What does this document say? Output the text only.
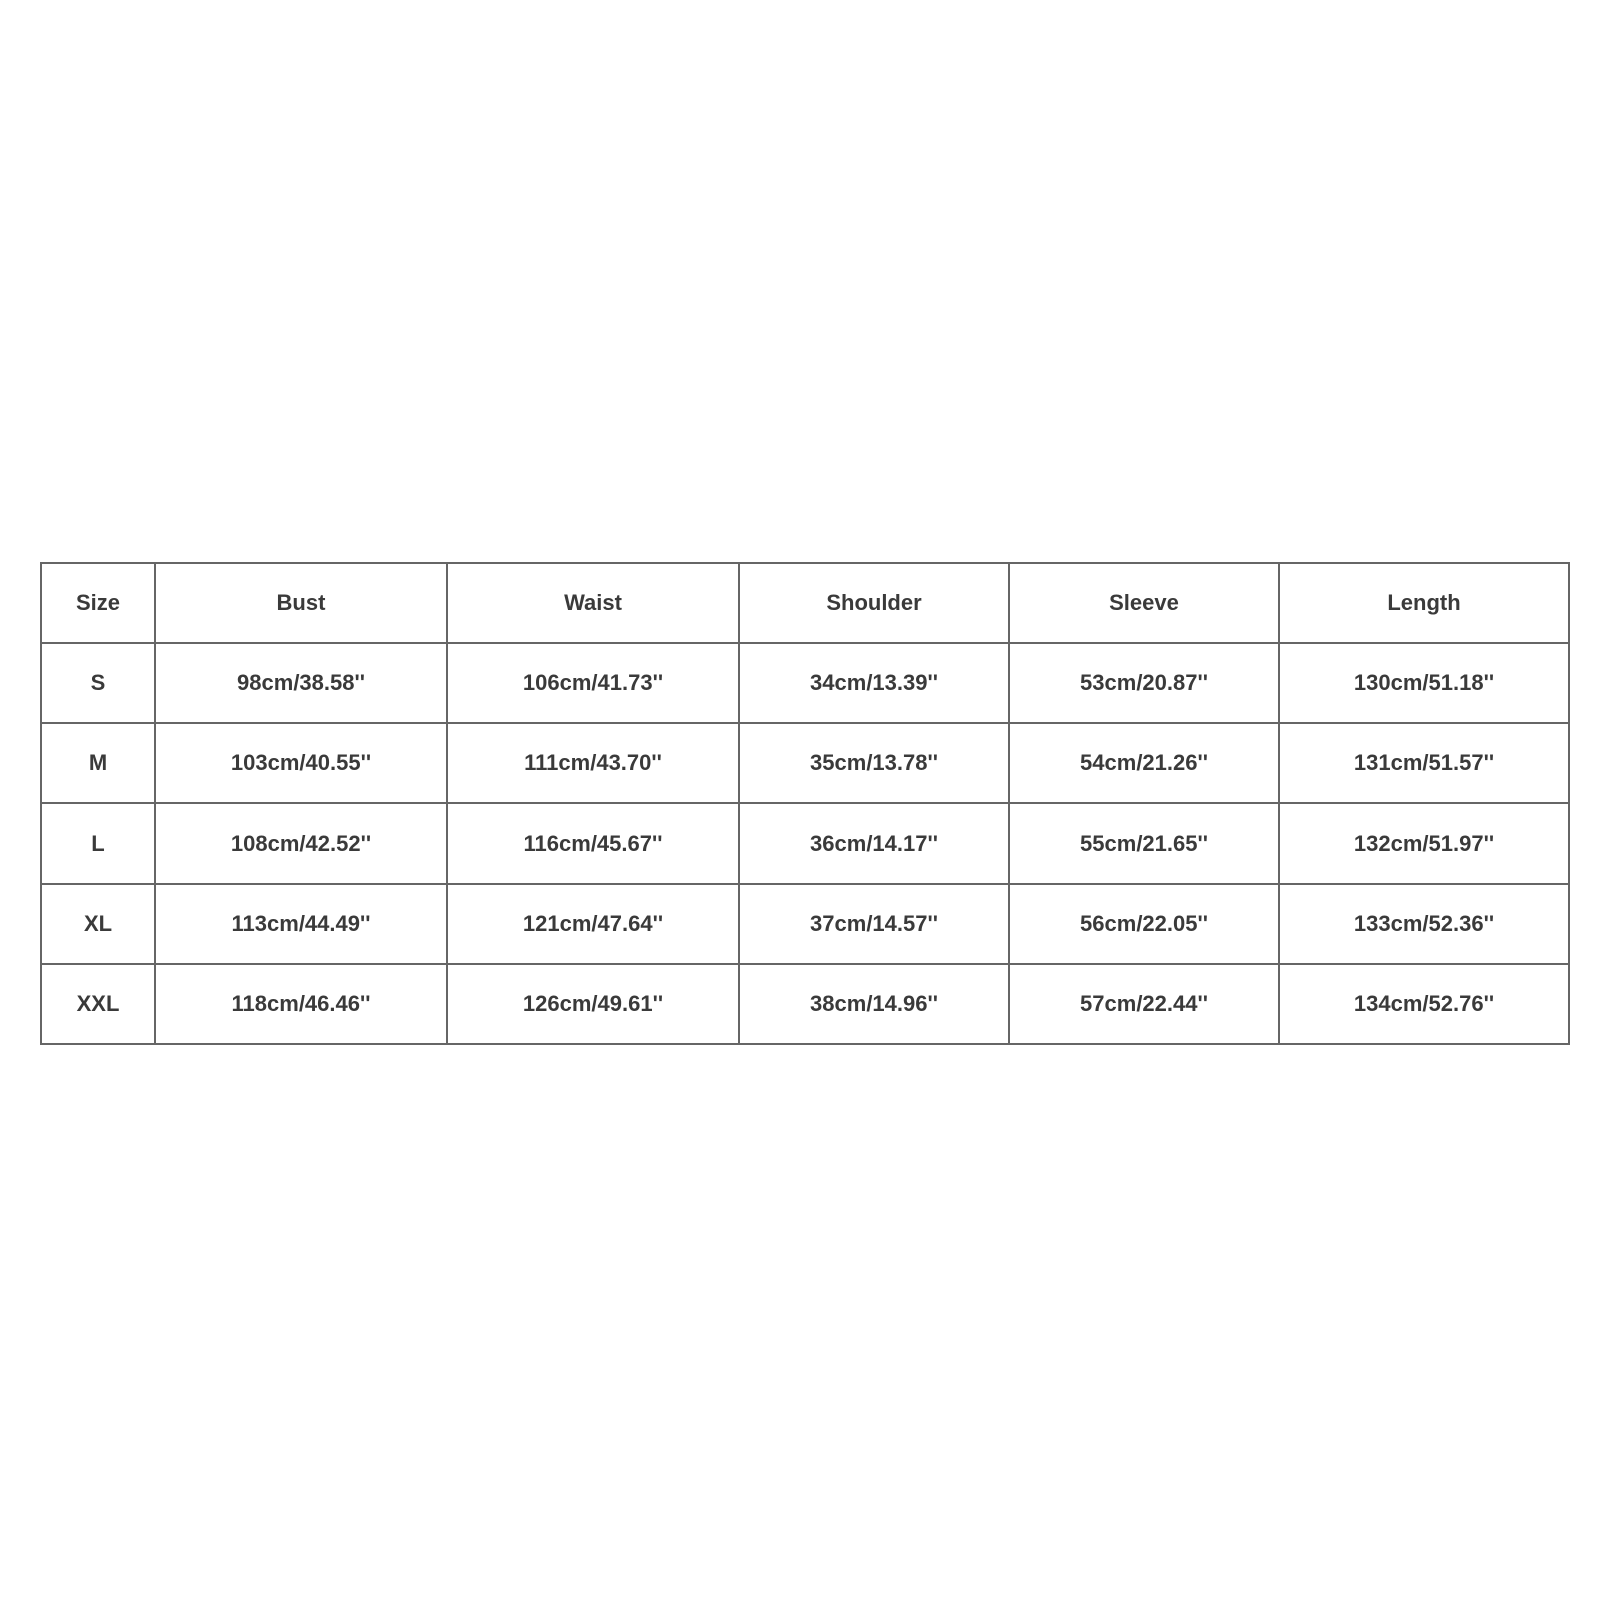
Size	Bust	Waist	Shoulder	Sleeve	Length
S	98cm/38.58''	106cm/41.73''	34cm/13.39''	53cm/20.87''	130cm/51.18''
M	103cm/40.55''	111cm/43.70''	35cm/13.78''	54cm/21.26''	131cm/51.57''
L	108cm/42.52''	116cm/45.67''	36cm/14.17''	55cm/21.65''	132cm/51.97''
XL	113cm/44.49''	121cm/47.64''	37cm/14.57''	56cm/22.05''	133cm/52.36''
XXL	118cm/46.46''	126cm/49.61''	38cm/14.96''	57cm/22.44''	134cm/52.76''
